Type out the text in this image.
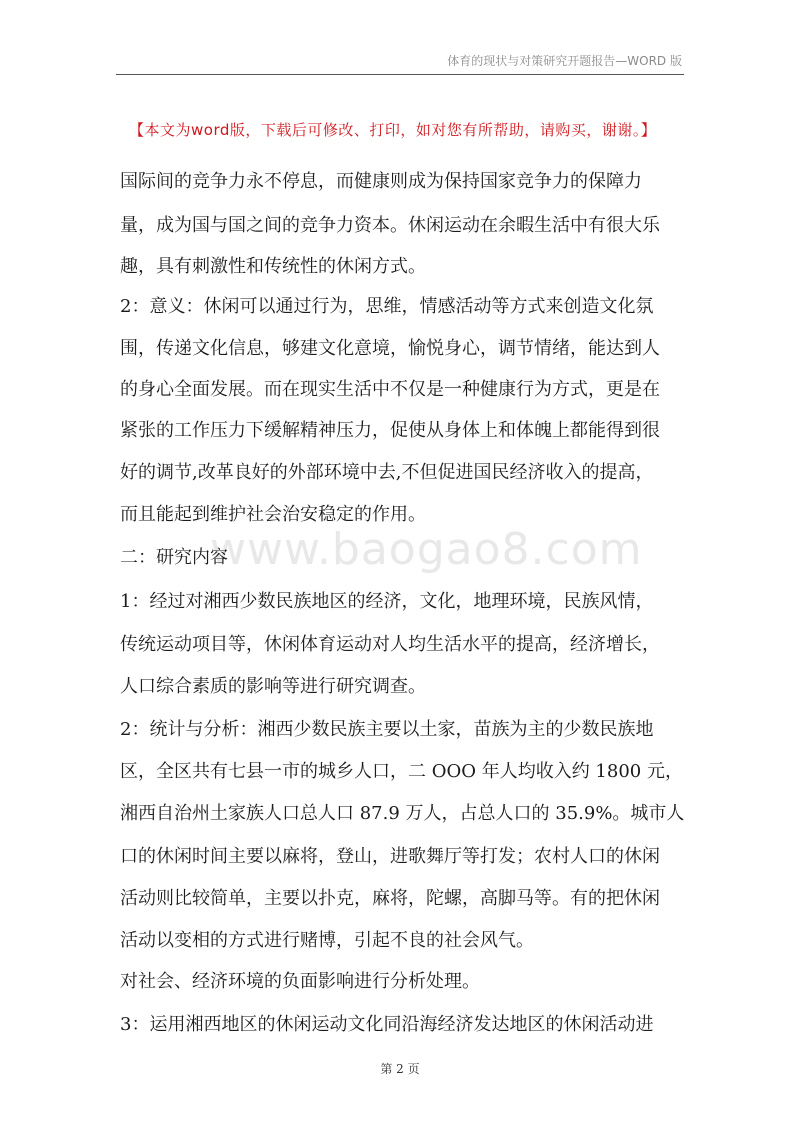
体育的现状与对策研究开题报告—WORD 版
【本文为word版，下载后可修改、打印，如对您有所帮助，请购买，谢谢。】
www.baogao8.com
国际间的竞争力永不停息，而健康则成为保持国家竞争力的保障力
量，成为国与国之间的竞争力资本。休闲运动在余暇生活中有很大乐
趣，具有刺激性和传统性的休闲方式。
2：意义：休闲可以通过行为，思维，情感活动等方式来创造文化氛
围，传递文化信息，够建文化意境，愉悦身心，调节情绪，能达到人
的身心全面发展。而在现实生活中不仅是一种健康行为方式，更是在
紧张的工作压力下缓解精神压力，促使从身体上和体魄上都能得到很
好的调节,改革良好的外部环境中去,不但促进国民经济收入的提高，
而且能起到维护社会治安稳定的作用。
二：研究内容
1：经过对湘西少数民族地区的经济，文化，地理环境，民族风情，
传统运动项目等，休闲体育运动对人均生活水平的提高，经济增长，
人口综合素质的影响等进行研究调查。
2：统计与分析：湘西少数民族主要以土家，苗族为主的少数民族地
区，全区共有七县一市的城乡人口，二 OOO 年人均收入约 1800 元，
湘西自治州土家族人口总人口 87.9 万人，占总人口的 35.9%。城市人
口的休闲时间主要以麻将，登山，进歌舞厅等打发；农村人口的休闲
活动则比较简单，主要以扑克，麻将，陀螺，高脚马等。有的把休闲
活动以变相的方式进行赌博，引起不良的社会风气。
对社会、经济环境的负面影响进行分析处理。
3：运用湘西地区的休闲运动文化同沿海经济发达地区的休闲活动进
第 2 页
